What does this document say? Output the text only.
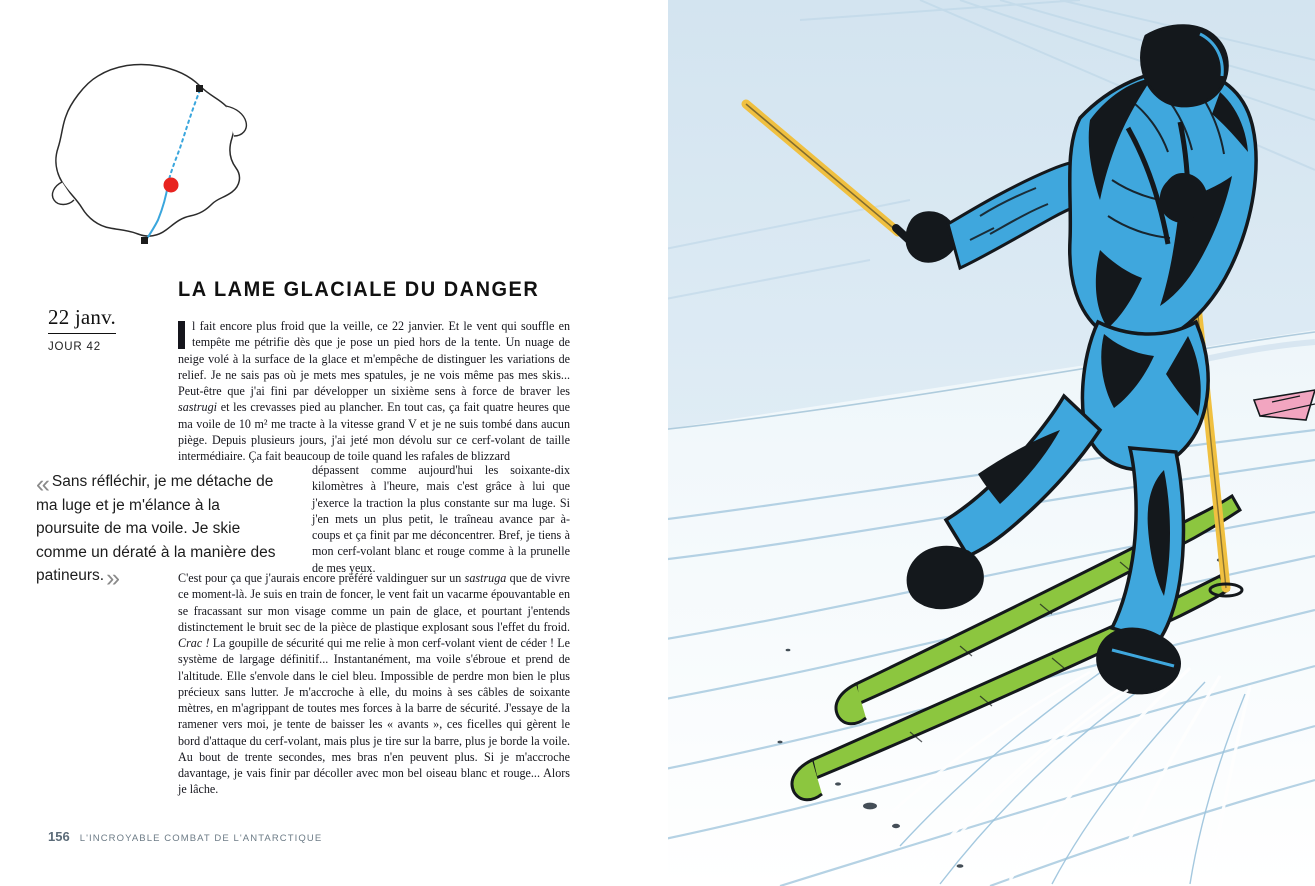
22 janv.
JOUR 42
LA LAME GLACIALE DU DANGER
l fait encore plus froid que la veille, ce 22 janvier. Et le vent qui souffle en tempête me pétrifie dès que je pose un pied hors de la tente. Un nuage de neige volé à la surface de la glace et m'empêche de distinguer les variations de relief. Je ne sais pas où je mets mes spatules, je ne vois même pas mes skis... Peut-être que j'ai fini par développer un sixième sens à force de braver les sastrugi et les crevasses pied au plancher. En tout cas, ça fait quatre heures que ma voile de 10 m² me tracte à la vitesse grand V et je ne suis tombé dans aucun piège. Depuis plusieurs jours, j'ai jeté mon dévolu sur ce cerf-volant de taille intermédiaire. Ça fait beaucoup de toile quand les rafales de blizzard
dépassent comme aujourd'hui les soixante-dix kilomètres à l'heure, mais c'est grâce à lui que j'exerce la traction la plus constante sur ma luge. Si j'en mets un plus petit, le traîneau avance par à-coups et ça finit par me déconcentrer. Bref, je tiens à mon cerf-volant blanc et rouge comme à la prunelle de mes yeux.
« Sans réfléchir, je me détache de ma luge et je m'élance à la poursuite de ma voile. Je skie comme un dératé à la manière des patineurs.»	C'est pour ça que j'aurais encore préféré valdinguer sur un sastruga que de vivre ce moment-là. Je suis en train de foncer, le vent fait un vacarme épouvantable en se fracassant sur mon visage comme un pain de glace, et pourtant j'entends distinctement le bruit sec de la pièce de plastique explosant sous l'effet du froid. Crac ! La goupille de sécurité qui me relie à mon cerf-volant vient de céder ! Le système de largage définitif... Instantanément, ma voile s'ébroue et prend de l'altitude. Elle s'envole dans le ciel bleu. Impossible de perdre mon bien le plus précieux sans lutter. Je m'accroche à elle, du moins à ses câbles de soixante mètres, en m'agrippant de toutes mes forces à la barre de sécurité. J'essaye de la ramener vers moi, je tente de baisser les « avants », ces ficelles qui gèrent le bord d'attaque du cerf-volant, mais plus je tire sur la barre, plus je borde la voile. Au bout de trente secondes, mes bras n'en peuvent plus. Si je m'accroche davantage, je vais finir par décoller avec mon bel oiseau blanc et rouge... Alors je lâche.
156 L'INCROYABLE COMBAT DE L'ANTARCTIQUE
